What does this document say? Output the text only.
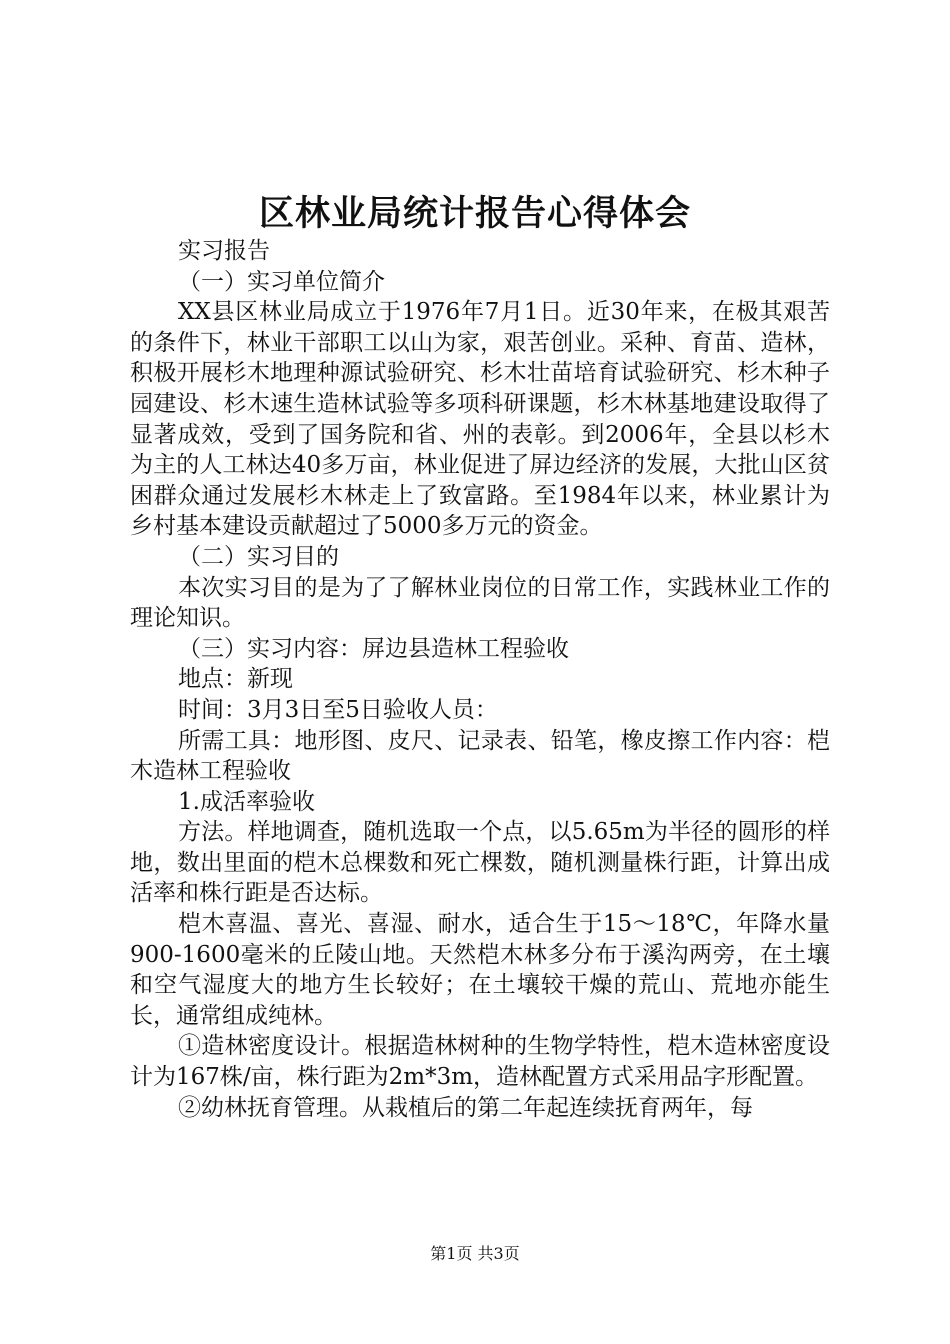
区林业局统计报告心得体会

实习报告

（一）实习单位简介

XX县区林业局成立于1976年7月1日。近30年来，在极其艰苦的条件下，林业干部职工以山为家，艰苦创业。采种、育苗、造林，积极开展杉木地理种源试验研究、杉木壮苗培育试验研究、杉木种子园建设、杉木速生造林试验等多项科研课题，杉木林基地建设取得了显著成效，受到了国务院和省、州的表彰。到2006年，全县以杉木为主的人工林达40多万亩，林业促进了屏边经济的发展，大批山区贫困群众通过发展杉木林走上了致富路。至1984年以来，林业累计为乡村基本建设贡献超过了5000多万元的资金。

（二）实习目的

本次实习目的是为了了解林业岗位的日常工作，实践林业工作的理论知识。

（三）实习内容：屏边县造林工程验收

地点：新现

时间：3月3日至5日验收人员：

所需工具：地形图、皮尺、记录表、铅笔，橡皮擦工作内容：桤木造林工程验收

1.成活率验收

方法。样地调查，随机选取一个点，以5.65m为半径的圆形的样地，数出里面的桤木总棵数和死亡棵数，随机测量株行距，计算出成活率和株行距是否达标。

桤木喜温、喜光、喜湿、耐水，适合生于15～18℃，年降水量900-1600毫米的丘陵山地。天然桤木林多分布于溪沟两旁，在土壤和空气湿度大的地方生长较好；在土壤较干燥的荒山、荒地亦能生长，通常组成纯林。

①造林密度设计。根据造林树种的生物学特性，桤木造林密度设计为167株/亩，株行距为2m*3m，造林配置方式采用品字形配置。

②幼林抚育管理。从栽植后的第二年起连续抚育两年，每

第1页 共3页
